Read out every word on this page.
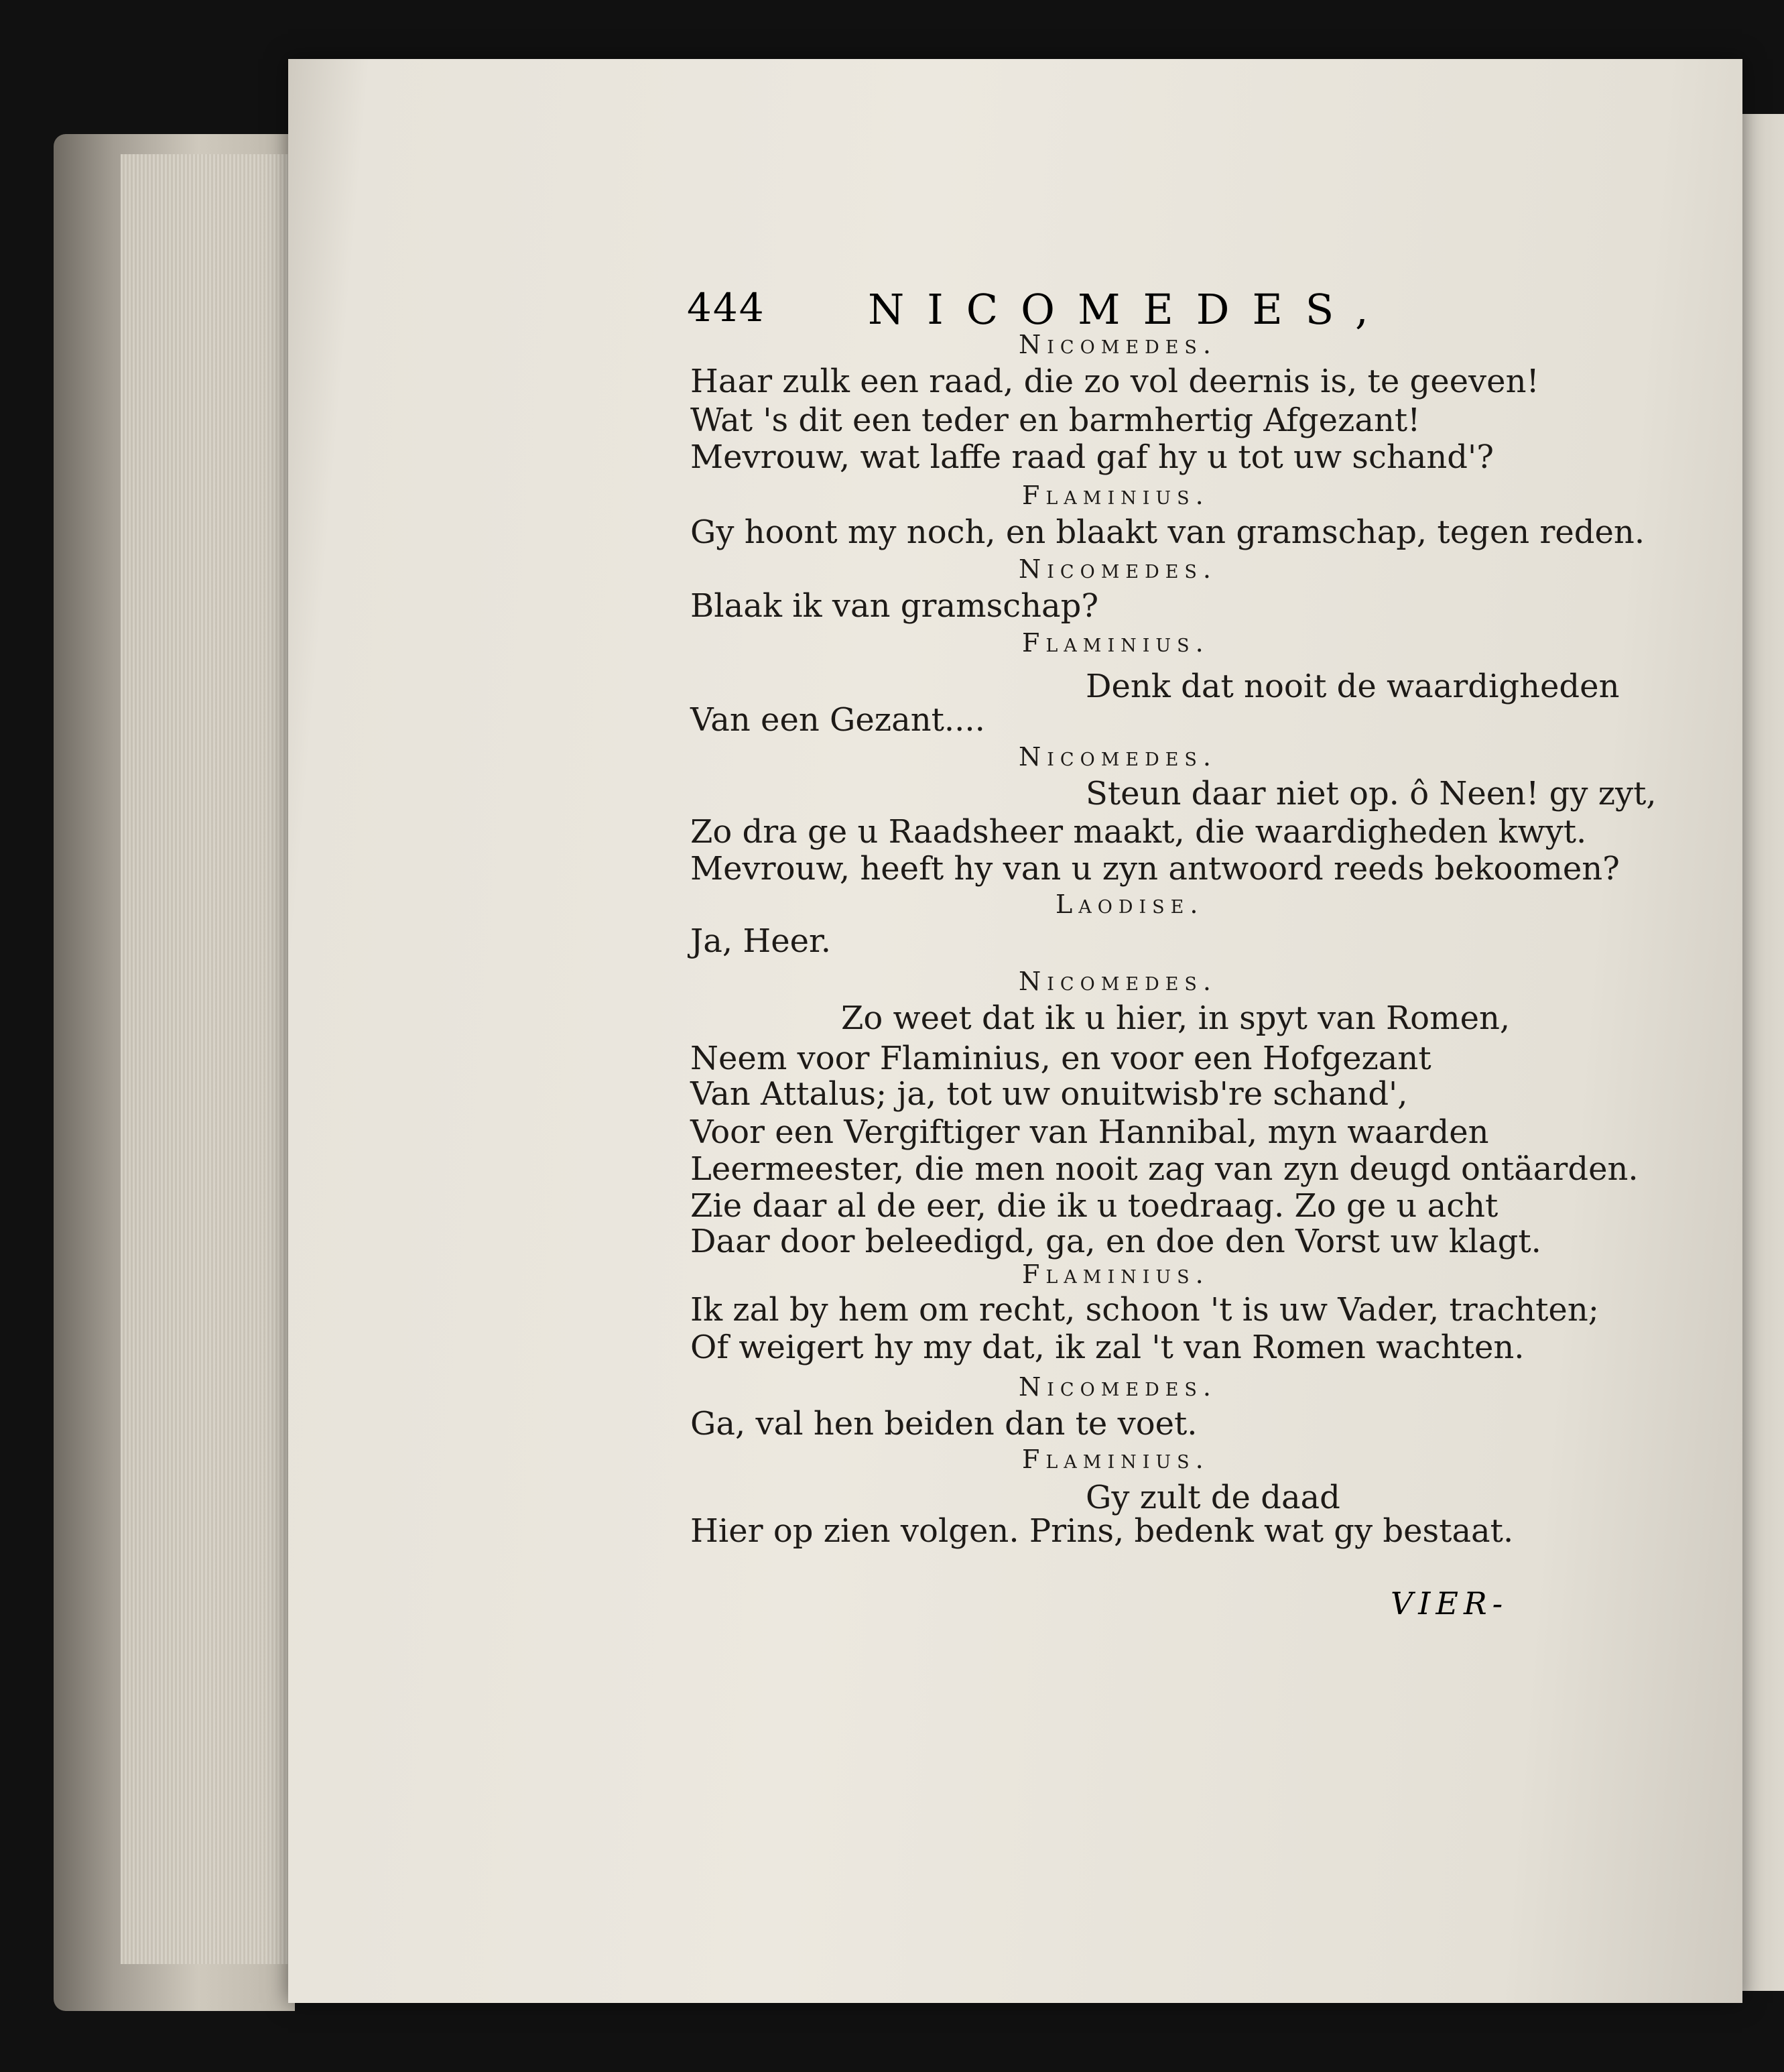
444 NICOMEDES,
Nicomedes.
Haar zulk een raad, die zo vol deernis is, te geeven!
Wat 's dit een teder en barmhertig Afgezant!
Mevrouw, wat laffe raad gaf hy u tot uw schand'?
Flaminius.
Gy hoont my noch, en blaakt van gramschap, tegen reden.
Nicomedes.
Blaak ik van gramschap?
Flaminius.
Denk dat nooit de waardigheden
Van een Gezant....
Nicomedes.
Steun daar niet op. ô Neen! gy zyt,
Zo dra ge u Raadsheer maakt, die waardigheden kwyt.
Mevrouw, heeft hy van u zyn antwoord reeds bekoomen?
Laodise.
Ja, Heer.
Nicomedes.
Zo weet dat ik u hier, in spyt van Romen,
Neem voor Flaminius, en voor een Hofgezant
Van Attalus; ja, tot uw onuitwisb're schand',
Voor een Vergiftiger van Hannibal, myn waarden
Leermeester, die men nooit zag van zyn deugd ontäarden.
Zie daar al de eer, die ik u toedraag. Zo ge u acht
Daar door beleedigd, ga, en doe den Vorst uw klagt.
Flaminius.
Ik zal by hem om recht, schoon 't is uw Vader, trachten;
Of weigert hy my dat, ik zal 't van Romen wachten.
Nicomedes.
Ga, val hen beiden dan te voet.
Flaminius.
Gy zult de daad
Hier op zien volgen. Prins, bedenk wat gy bestaat.
VIER-
